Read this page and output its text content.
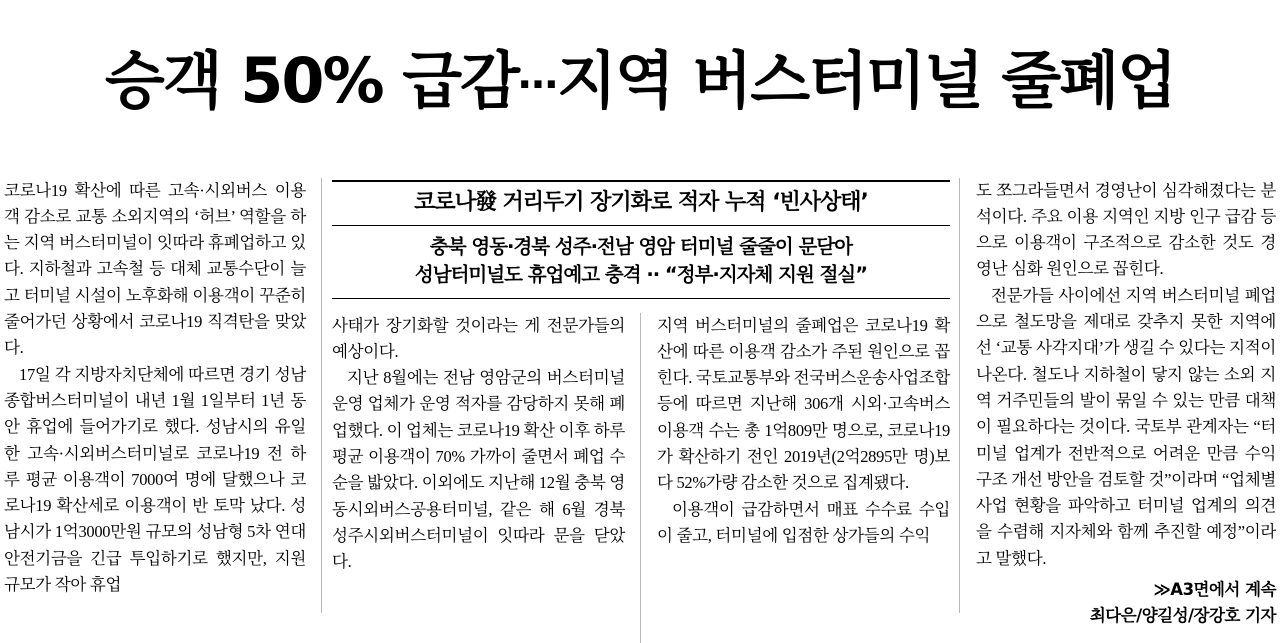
승객 50% 급감…지역 버스터미널 줄폐업

코로나19 확산에 따른 고속·시외버스 이용객 감소로 교통 소외지역의 ‘허브’ 역할을 하는 지역 버스터미널이 잇따라 휴폐업하고 있다. 지하철과 고속철 등 대체 교통수단이 늘고 터미널 시설이 노후화해 이용객이 꾸준히 줄어가던 상황에서 코로나19 직격탄을 맞았다.

17일 각 지방자치단체에 따르면 경기 성남종합버스터미널이 내년 1월 1일부터 1년 동안 휴업에 들어가기로 했다. 성남시의 유일한 고속·시외버스터미널로 코로나19 전 하루 평균 이용객이 7000여 명에 달했으나 코로나19 확산세로 이용객이 반 토막 났다. 성남시가 1억3000만원 규모의 성남형 5차 연대안전기금을 긴급 투입하기로 했지만, 지원 규모가 작아 휴업

코로나發 거리두기 장기화로 적자 누적 ‘빈사상태’
충북 영동·경북 성주·전남 영암 터미널 줄줄이 문닫아
성남터미널도 휴업예고 충격 ·· “정부·지자체 지원 절실”

사태가 장기화할 것이라는 게 전문가들의 예상이다.

지난 8월에는 전남 영암군의 버스터미널 운영 업체가 운영 적자를 감당하지 못해 폐업했다. 이 업체는 코로나19 확산 이후 하루 평균 이용객이 70% 가까이 줄면서 폐업 수순을 밟았다. 이외에도 지난해 12월 충북 영동시외버스공용터미널, 같은 해 6월 경북 성주시외버스터미널이 잇따라 문을 닫았다.

지역 버스터미널의 줄폐업은 코로나19 확산에 따른 이용객 감소가 주된 원인으로 꼽힌다. 국토교통부와 전국버스운송사업조합 등에 따르면 지난해 306개 시외·고속버스 이용객 수는 총 1억809만 명으로, 코로나19가 확산하기 전인 2019년(2억2895만 명)보다 52%가량 감소한 것으로 집계됐다.

이용객이 급감하면서 매표 수수료 수입이 줄고, 터미널에 입점한 상가들의 수익

도 쪼그라들면서 경영난이 심각해졌다는 분석이다. 주요 이용 지역인 지방 인구 급감 등으로 이용객이 구조적으로 감소한 것도 경영난 심화 원인으로 꼽힌다.

전문가들 사이에선 지역 버스터미널 폐업으로 철도망을 제대로 갖추지 못한 지역에선 ‘교통 사각지대’가 생길 수 있다는 지적이 나온다. 철도나 지하철이 닿지 않는 소외 지역 거주민들의 발이 묶일 수 있는 만큼 대책이 필요하다는 것이다. 국토부 관계자는 “터미널 업계가 전반적으로 어려운 만큼 수익 구조 개선 방안을 검토할 것”이라며 “업체별 사업 현황을 파악하고 터미널 업계의 의견을 수렴해 지자체와 함께 추진할 예정”이라고 말했다.

≫A3면에서 계속
최다은/양길성/장강호 기자
